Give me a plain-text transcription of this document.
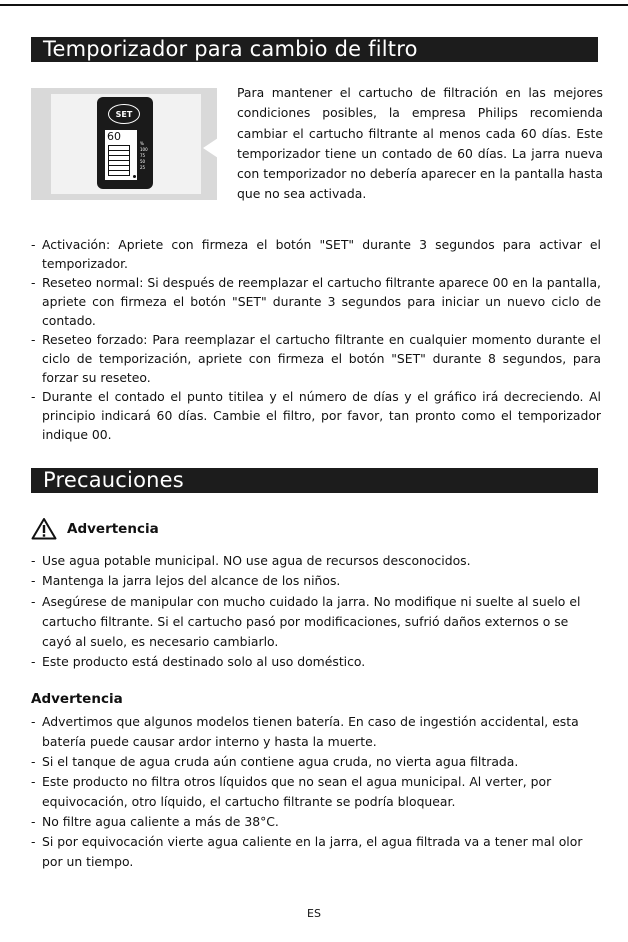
Temporizador para cambio de filtro
SET
60
%
100
75
50
25

Para mantener el cartucho de filtración en las mejores condiciones posibles, la empresa Philips recomienda cambiar el cartucho filtrante al menos cada 60 días. Este temporizador tiene un contado de 60 días. La jarra nueva con temporizador no debería aparecer en la pantalla hasta que no sea activada.

- Activación: Apriete con firmeza el botón "SET" durante 3 segundos para activar el temporizador.
- Reseteo normal: Si después de reemplazar el cartucho filtrante aparece 00 en la pantalla, apriete con firmeza el botón "SET" durante 3 segundos para iniciar un nuevo ciclo de contado.
- Reseteo forzado: Para reemplazar el cartucho filtrante en cualquier momento durante el ciclo de temporización, apriete con firmeza el botón "SET" durante 8 segundos, para forzar su reseteo.
- Durante el contado el punto titilea y el número de días y el gráfico irá decreciendo. Al principio indicará 60 días. Cambie el filtro, por favor, tan pronto como el temporizador indique 00.
Precauciones
Advertencia
- Use agua potable municipal. NO use agua de recursos desconocidos.
- Mantenga la jarra lejos del alcance de los niños.
- Asegúrese de manipular con mucho cuidado la jarra. No modifique ni suelte al suelo el cartucho filtrante. Si el cartucho pasó por modificaciones, sufrió daños externos o se cayó al suelo, es necesario cambiarlo.
- Este producto está destinado solo al uso doméstico.
Advertencia
- Advertimos que algunos modelos tienen batería. En caso de ingestión accidental, esta batería puede causar ardor interno y hasta la muerte.
- Si el tanque de agua cruda aún contiene agua cruda, no vierta agua filtrada.
- Este producto no filtra otros líquidos que no sean el agua municipal. Al verter, por equivocación, otro líquido, el cartucho filtrante se podría bloquear.
- No filtre agua caliente a más de 38°C.
- Si por equivocación vierte agua caliente en la jarra, el agua filtrada va a tener mal olor por un tiempo.
ES
